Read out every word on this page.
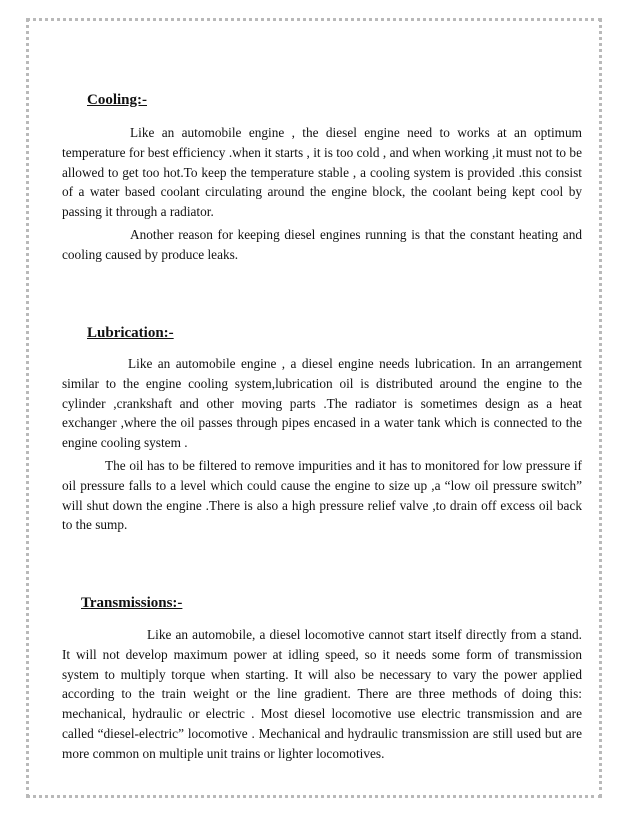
Cooling:-

Like an automobile engine , the diesel engine need to works at an optimum temperature for best efficiency .when it starts , it is too cold , and when working ,it must not to be allowed to get too hot.To keep the temperature stable , a cooling system is provided .this consist of a water based coolant circulating around the engine block, the coolant being kept cool by passing it through a radiator.

Another reason for keeping diesel engines running is that the constant heating and cooling caused by produce leaks.

Lubrication:-

Like an automobile engine , a diesel engine needs lubrication. In an arrangement similar to the engine cooling system,lubrication oil is distributed around the engine to the cylinder ,crankshaft and other moving parts .The radiator is sometimes design as a heat exchanger ,where the oil passes through pipes encased in a water tank which is connected to the engine cooling system .

The oil has to be filtered to remove impurities and it has to monitored for low pressure if oil pressure falls to a level which could cause the engine to size up ,a “low oil pressure switch” will shut down the engine .There is also a high pressure relief valve ,to drain off excess oil back to the sump.

Transmissions:-

Like an automobile, a diesel locomotive cannot start itself directly from a stand. It will not develop maximum power at idling speed, so it needs some form of transmission system to multiply torque when starting. It will also be necessary to vary the power applied according to the train weight or the line gradient. There are three methods of doing this: mechanical, hydraulic or electric . Most diesel locomotive use electric transmission and are called “diesel-electric” locomotive . Mechanical and hydraulic transmission are still used but are more common on multiple unit trains or lighter locomotives.
